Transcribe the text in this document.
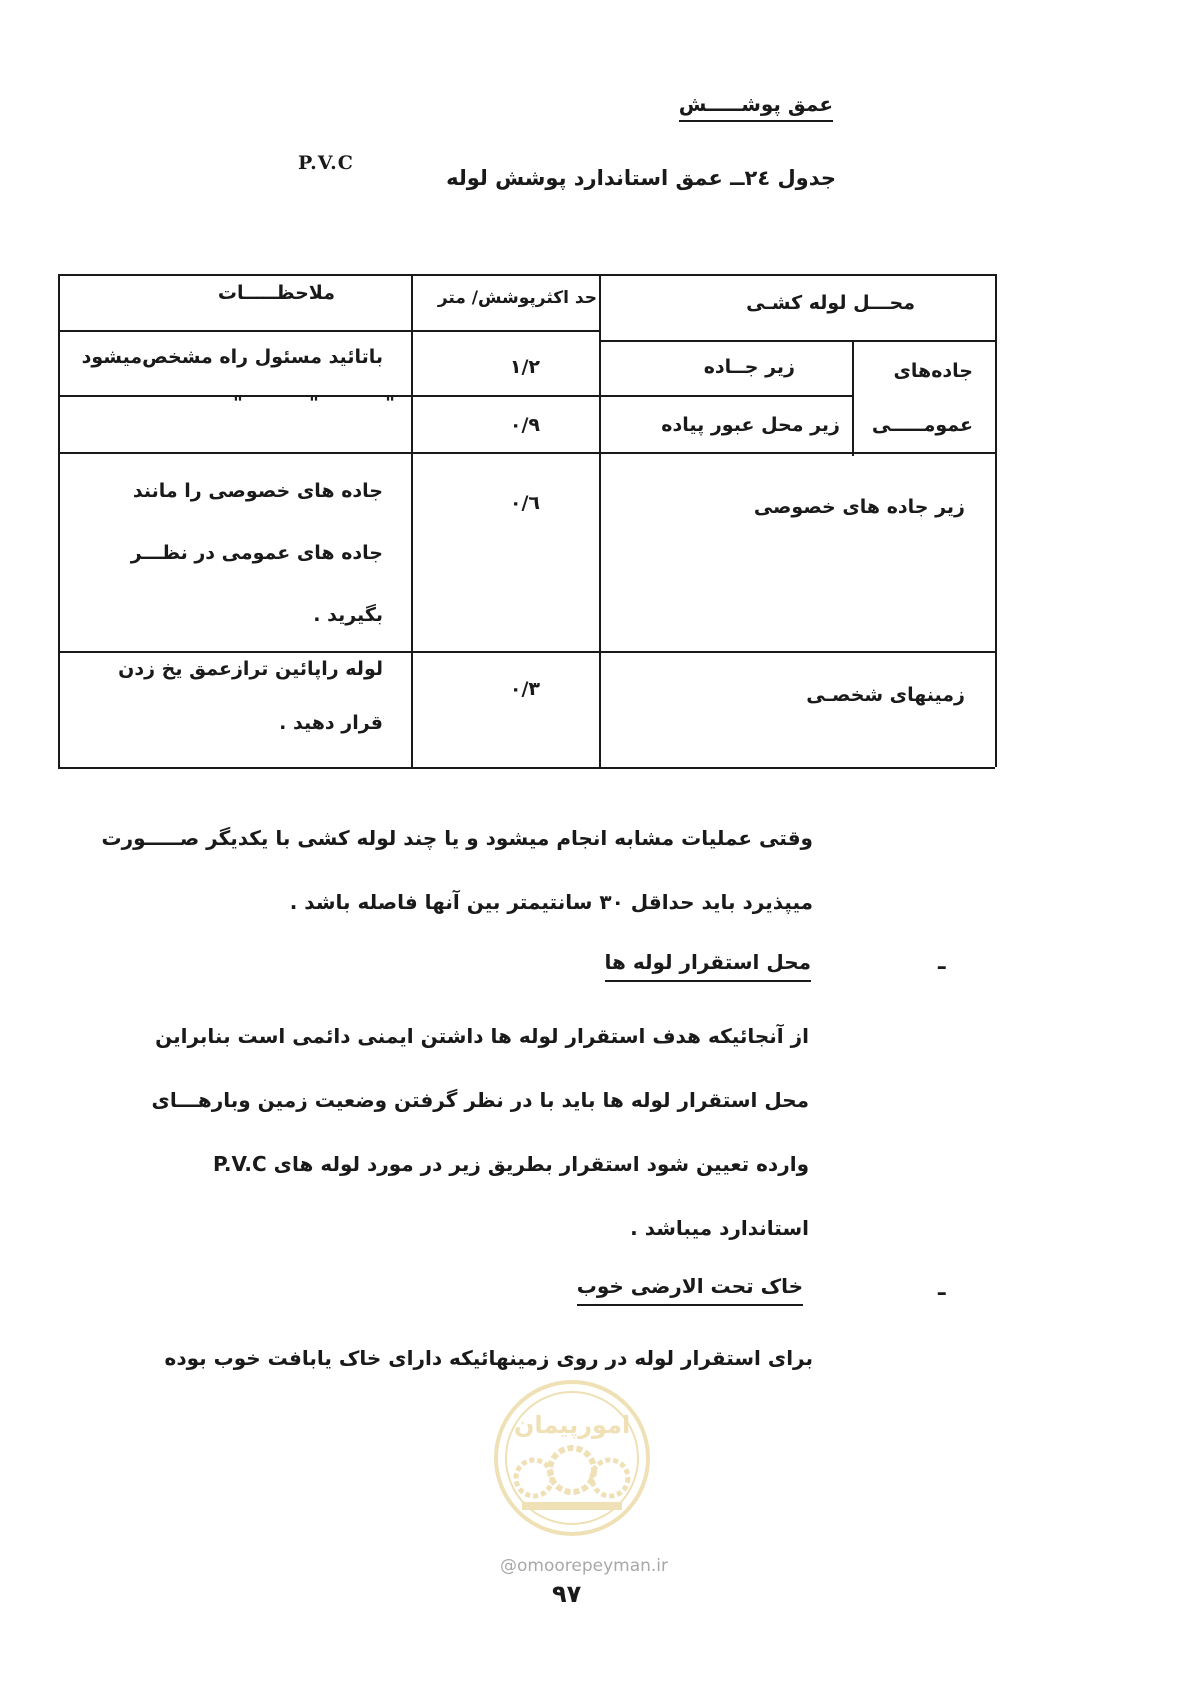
عمق پوشـــــش
جدول ٢٤ــ عمق استاندارد پوشش لوله
P.V.C
محـــل لوله کشـی
حد اکثرپوشش/ متر
ملاحظـــــات
جاده‌های
عمومـــــی
زیر جــاده
١/٢
باتائید مسئول راه مشخص‌میشود
زیر محل عبور پیاده
٠/٩
"          "          "
زیر جاده های خصوصی
٠/٦
جاده های خصوصی را مانند
جاده های عمومی در نظـــر
بگیرید .
زمینهای شخصـی
٠/٣
لوله راپائین ترازعمق یخ زدن
قرار دهید .
وقتی عملیات مشابه انجام میشود و یا چند لوله کشی با یکدیگر صـــــورت
میپذیرد باید حداقل ٣٠ سانتیمتر بین آنها فاصله باشد .
ـ
محل استقرار لوله ها
از آنجائیکه هدف استقرار لوله ها داشتن ایمنی دائمی است بنابراین
محل استقرار لوله ها باید با در نظر گرفتن وضعیت زمین وبارهـــای
وارده تعیین شود استقرار بطریق زیر در مورد لوله های P.V.C
استاندارد میباشد .
ـ
خاک تحت الارضی خوب
برای استقرار لوله در روی زمینهائیکه دارای خاک یابافت خوب بوده
امورپیمان
@omoorepeyman.ir
٩٧
